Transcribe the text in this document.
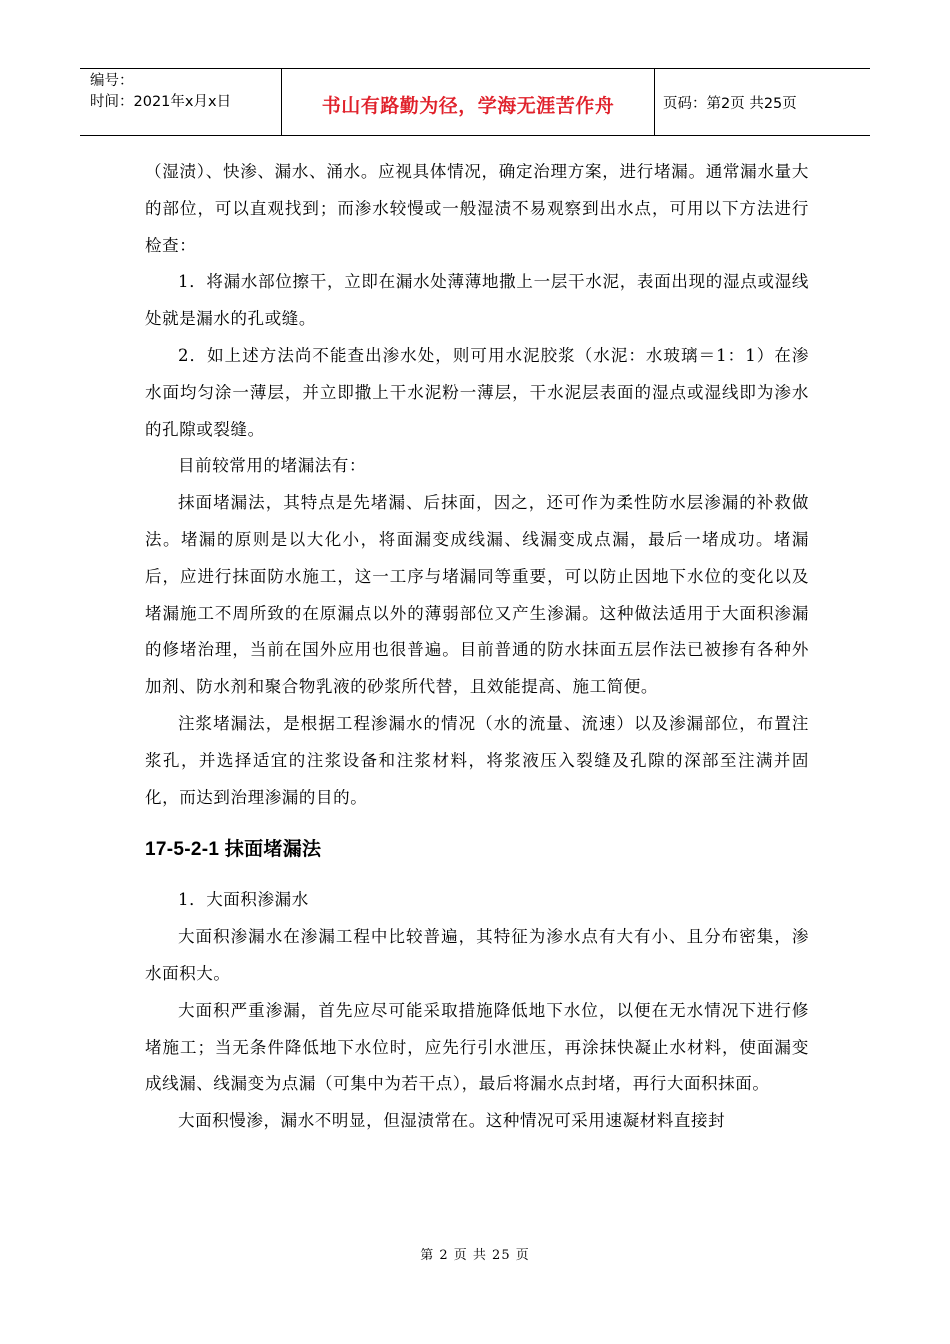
编号：
时间：2021年x月x日	书山有路勤为径，学海无涯苦作舟	页码：第2页 共25页

（湿渍）、快渗、漏水、涌水。应视具体情况，确定治理方案，进行堵漏。通常漏水量大的部位，可以直观找到；而渗水较慢或一般湿渍不易观察到出水点，可用以下方法进行检查：

1．将漏水部位擦干，立即在漏水处薄薄地撒上一层干水泥，表面出现的湿点或湿线处就是漏水的孔或缝。

2．如上述方法尚不能查出渗水处，则可用水泥胶浆（水泥：水玻璃＝1：1）在渗水面均匀涂一薄层，并立即撒上干水泥粉一薄层，干水泥层表面的湿点或湿线即为渗水的孔隙或裂缝。

目前较常用的堵漏法有：

抹面堵漏法，其特点是先堵漏、后抹面，因之，还可作为柔性防水层渗漏的补救做法。堵漏的原则是以大化小，将面漏变成线漏、线漏变成点漏，最后一堵成功。堵漏后，应进行抹面防水施工，这一工序与堵漏同等重要，可以防止因地下水位的变化以及堵漏施工不周所致的在原漏点以外的薄弱部位又产生渗漏。这种做法适用于大面积渗漏的修堵治理，当前在国外应用也很普遍。目前普通的防水抹面五层作法已被掺有各种外加剂、防水剂和聚合物乳液的砂浆所代替，且效能提高、施工简便。

注浆堵漏法，是根据工程渗漏水的情况（水的流量、流速）以及渗漏部位，布置注浆孔，并选择适宜的注浆设备和注浆材料，将浆液压入裂缝及孔隙的深部至注满并固化，而达到治理渗漏的目的。

17-5-2-1 抹面堵漏法

1．大面积渗漏水

大面积渗漏水在渗漏工程中比较普遍，其特征为渗水点有大有小、且分布密集，渗水面积大。

大面积严重渗漏，首先应尽可能采取措施降低地下水位，以便在无水情况下进行修堵施工；当无条件降低地下水位时，应先行引水泄压，再涂抹快凝止水材料，使面漏变成线漏、线漏变为点漏（可集中为若干点），最后将漏水点封堵，再行大面积抹面。

大面积慢渗，漏水不明显，但湿渍常在。这种情况可采用速凝材料直接封

第 2 页 共 25 页
